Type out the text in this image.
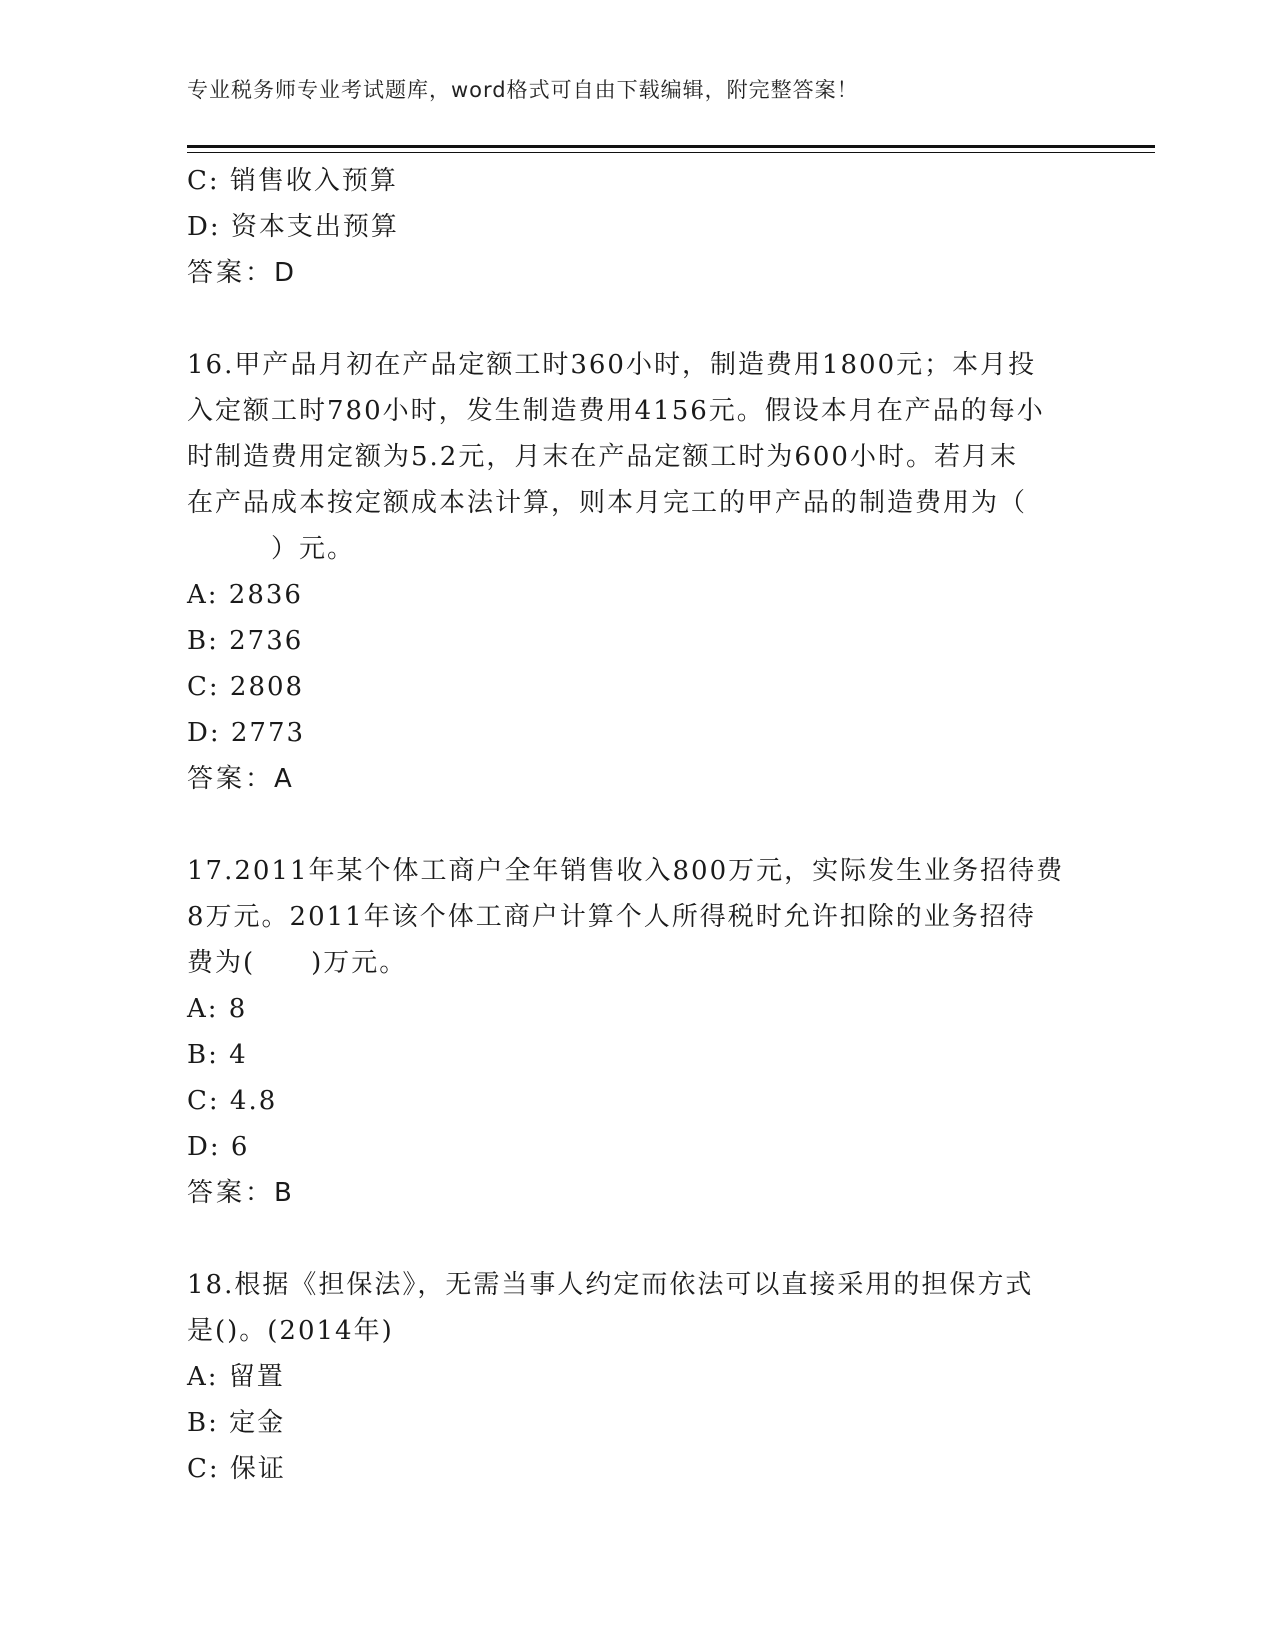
专业税务师专业考试题库，word格式可自由下载编辑，附完整答案！
C: 销售收入预算
D: 资本支出预算
答案：D
16.甲产品月初在产品定额工时360小时，制造费用1800元；本月投
入定额工时780小时，发生制造费用4156元。假设本月在产品的每小
时制造费用定额为5.2元，月末在产品定额工时为600小时。若月末
在产品成本按定额成本法计算，则本月完工的甲产品的制造费用为（
　　　）元。
A: 2836
B: 2736
C: 2808
D: 2773
答案：A
17.2011年某个体工商户全年销售收入800万元，实际发生业务招待费
8万元。2011年该个体工商户计算个人所得税时允许扣除的业务招待
费为(　　)万元。
A: 8
B: 4
C: 4.8
D: 6
答案：B
18.根据《担保法》，无需当事人约定而依法可以直接采用的担保方式
是()。(2014年)
A: 留置
B: 定金
C: 保证
